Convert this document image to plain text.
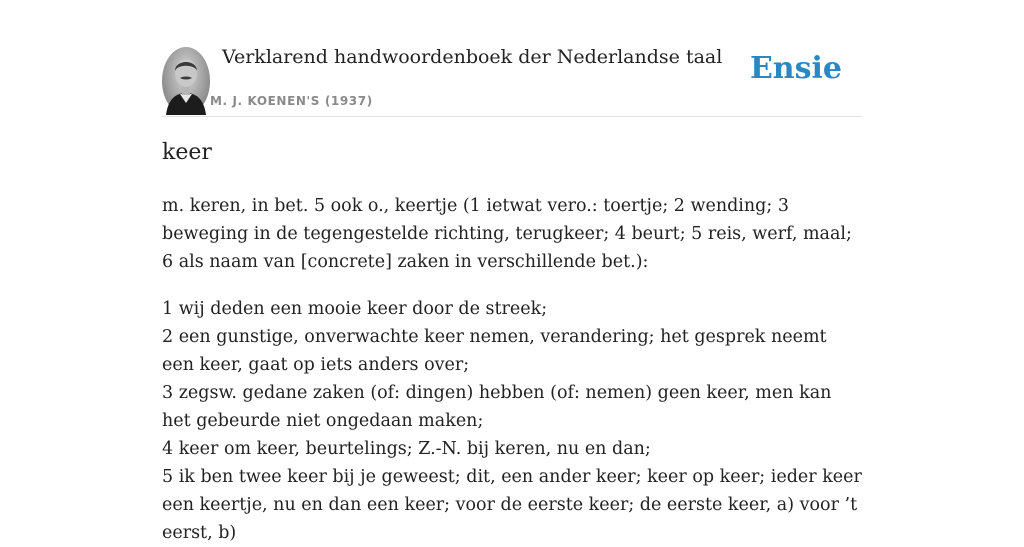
Verklarend handwoordenboek der Nederlandse taal
M. J. KOENEN'S (1937)
Ensie
keer

m. keren, in bet. 5 ook o., keertje (1 ietwat vero.: toertje; 2 wending; 3 beweging in de tegengestelde richting, terugkeer; 4 beurt; 5 reis, werf, maal; 6 als naam van [concrete] zaken in verschillende bet.):

1 wij deden een mooie keer door de streek;

2 een gunstige, onverwachte keer nemen, verandering; het gesprek neemt een keer, gaat op iets anders over;

3 zegsw. gedane zaken (of: dingen) hebben (of: nemen) geen keer, men kan het gebeurde niet ongedaan maken;

4 keer om keer, beurtelings; Z.-N. bij keren, nu en dan;

5 ik ben twee keer bij je geweest; dit, een ander keer; keer op keer; ieder keer een keertje, nu en dan een keer; voor de eerste keer; de eerste keer, a) voor ’t eerst, b)
